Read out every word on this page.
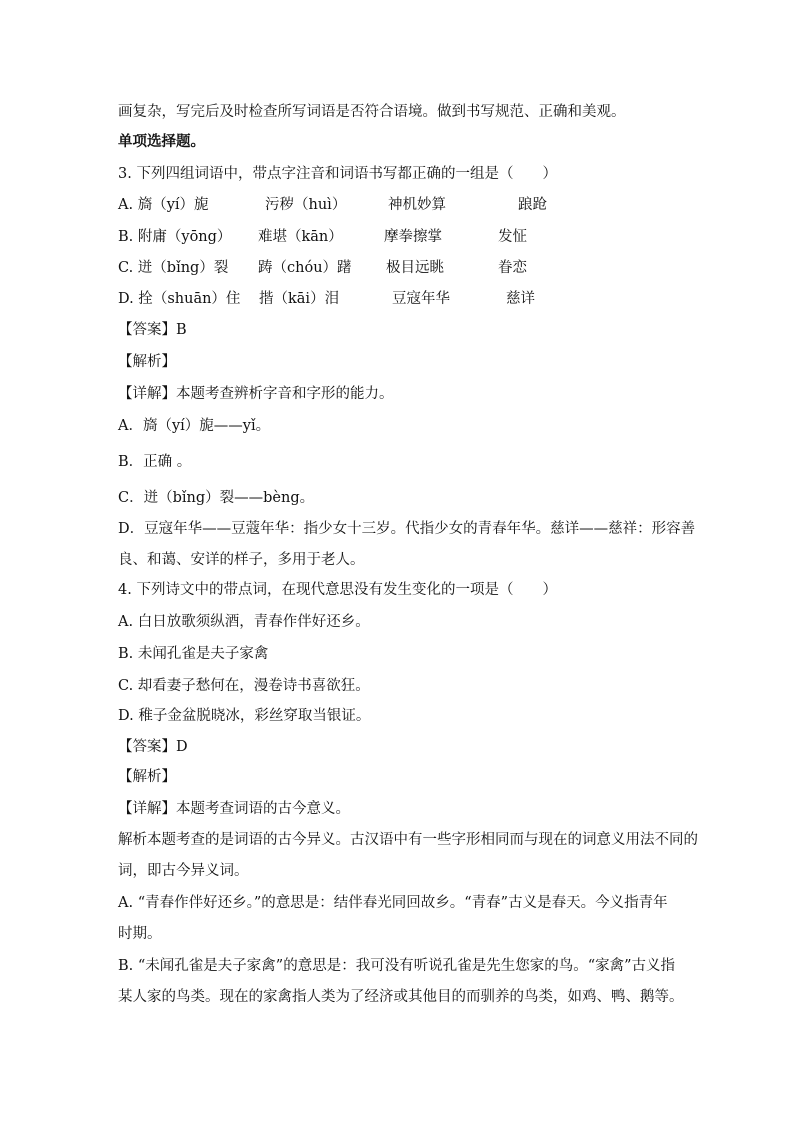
画复杂，写完后及时检查所写词语是否符合语境。做到书写规范、正确和美观。
单项选择题。
3. 下列四组词语中，带点字注音和词语书写都正确的一组是（　　）
A. 旖（yí）旎	污秽（huì）	神机妙算	踉跄
B. 附庸（yōng） 难堪（kān）	摩拳擦掌	发怔
C. 迸（bǐng）裂 踌（chóu）躇 极目远眺	眷恋
D. 拴（shuān）住 揩（kāi）泪	豆寇年华	慈详
【答案】B
【解析】
【详解】本题考查辨析字音和字形的能力。
A．旖（yí）旎——yǐ。
B．正确 。
C．迸（bǐng）裂——bèng。
D．豆寇年华——豆蔻年华：指少女十三岁。代指少女的青春年华。慈详——慈祥：形容善
良、和蔼、安详的样子，多用于老人。
4. 下列诗文中的带点词，在现代意思没有发生变化的一项是（　　）
A. 白日放歌须纵酒，青春作伴好还乡。
B. 未闻孔雀是夫子家禽
C. 却看妻子愁何在，漫卷诗书喜欲狂。
D. 稚子金盆脱晓冰，彩丝穿取当银证。
【答案】D
【解析】
【详解】本题考查词语的古今意义。
解析本题考查的是词语的古今异义。古汉语中有一些字形相同而与现在的词意义用法不同的
词，即古今异义词。
A. “青春作伴好还乡。”的意思是：结伴春光同回故乡。“青春”古义是春天。今义指青年
时期。
B. “未闻孔雀是夫子家禽”的意思是：我可没有听说孔雀是先生您家的鸟。“家禽”古义指
某人家的鸟类。现在的家禽指人类为了经济或其他目的而驯养的鸟类，如鸡、鸭、鹅等。
